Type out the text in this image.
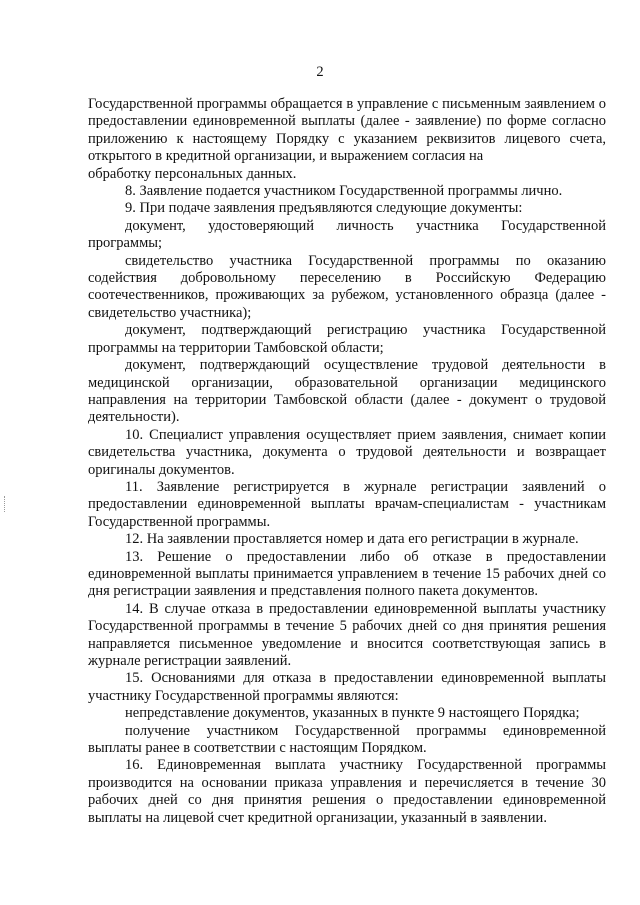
2

Государственной программы обращается в управление с письменным заявлением о предоставлении единовременной выплаты (далее - заявление) по форме согласно приложению к настоящему Порядку с указанием реквизитов лицевого счета, открытого в кредитной организации, и выражением согласия на

обработку персональных данных.

8. Заявление подается участником Государственной программы лично.

9. При подаче заявления предъявляются следующие документы:

документ, удостоверяющий личность участника Государственной программы;

свидетельство участника Государственной программы по оказанию содействия добровольному переселению в Российскую Федерацию соотечественников, проживающих за рубежом, установленного образца (далее - свидетельство участника);

документ, подтверждающий регистрацию участника Государственной программы на территории Тамбовской области;

документ, подтверждающий осуществление трудовой деятельности в медицинской организации, образовательной организации медицинского направления на территории Тамбовской области (далее - документ о трудовой деятельности).

10. Специалист управления осуществляет прием заявления, снимает копии свидетельства участника, документа о трудовой деятельности и возвращает оригиналы документов.

11. Заявление регистрируется в журнале регистрации заявлений о предоставлении единовременной выплаты врачам-специалистам - участникам Государственной программы.

12. На заявлении проставляется номер и дата его регистрации в журнале.

13. Решение о предоставлении либо об отказе в предоставлении единовременной выплаты принимается управлением в течение 15 рабочих дней со дня регистрации заявления и представления полного пакета документов.

14. В случае отказа в предоставлении единовременной выплаты участнику Государственной программы в течение 5 рабочих дней со дня принятия решения направляется письменное уведомление и вносится соответствующая запись в журнале регистрации заявлений.

15. Основаниями для отказа в предоставлении единовременной выплаты участнику Государственной программы являются:

непредставление документов, указанных в пункте 9 настоящего Порядка;

получение участником Государственной программы единовременной выплаты ранее в соответствии с настоящим Порядком.

16. Единовременная выплата участнику Государственной программы производится на основании приказа управления и перечисляется в течение 30 рабочих дней со дня принятия решения о предоставлении единовременной выплаты на лицевой счет кредитной организации, указанный в заявлении.
